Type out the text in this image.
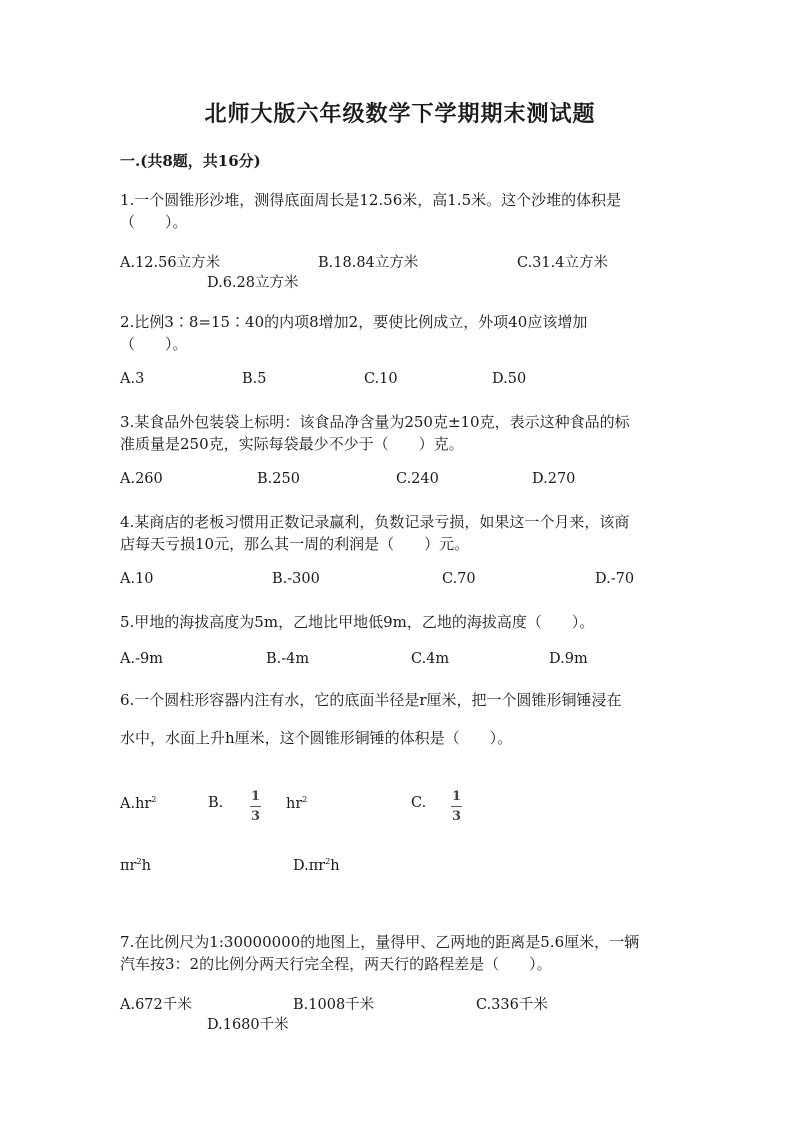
北师大版六年级数学下学期期末测试题
一.(共8题，共16分)
1.一个圆锥形沙堆，测得底面周长是12.56米，高1.5米。这个沙堆的体积是
（　　）。
A.12.56立方米	B.18.84立方米	C.31.4立方米
D.6.28立方米
2.比例3∶8=15∶40的内项8增加2，要使比例成立，外项40应该增加
（　　）。
A.3	B.5	C.10	D.50
3.某食品外包装袋上标明：该食品净含量为250克±10克，表示这种食品的标
准质量是250克，实际每袋最少不少于（　　）克。
A.260	B.250	C.240	D.270
4.某商店的老板习惯用正数记录赢利，负数记录亏损，如果这一个月来，该商
店每天亏损10元，那么其一周的利润是（　　）元。
A.10	B.-300	C.70	D.-70
5.甲地的海拔高度为5m，乙地比甲地低9m，乙地的海拔高度（　　）。
A.-9m	B.-4m	C.4m	D.9m
6.一个圆柱形容器内注有水，它的底面半径是r厘米，把一个圆锥形铜锤浸在
水中，水面上升h厘米，这个圆锥形铜锤的体积是（　　）。
$A.hr^2$	B. 1
3
$hr^2$	C. 1
3
$\pi r^2h$	$D.\pi r^2h$
7.在比例尺为1:30000000的地图上，量得甲、乙两地的距离是5.6厘米，一辆
汽车按3：2的比例分两天行完全程，两天行的路程差是（　　）。
A.672千米	B.1008千米	C.336千米
D.1680千米
